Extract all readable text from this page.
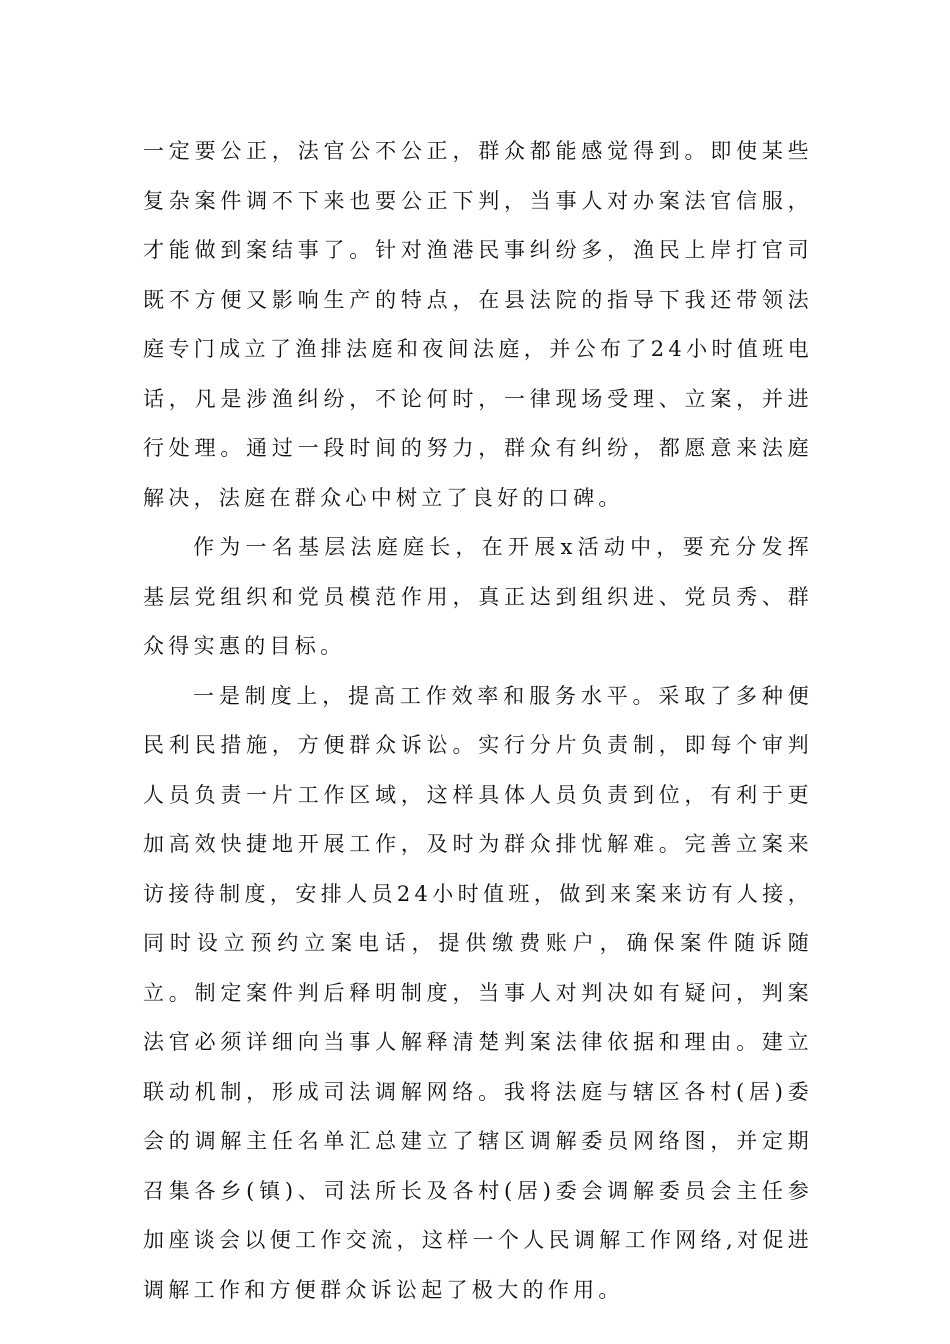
一定要公正，法官公不公正，群众都能感觉得到。即使某些复杂案件调不下来也要公正下判，当事人对办案法官信服，才能做到案结事了。针对渔港民事纠纷多，渔民上岸打官司既不方便又影响生产的特点，在县法院的指导下我还带领法庭专门成立了渔排法庭和夜间法庭，并公布了24小时值班电话，凡是涉渔纠纷，不论何时，一律现场受理、立案，并进行处理。通过一段时间的努力，群众有纠纷，都愿意来法庭解决，法庭在群众心中树立了良好的口碑。

作为一名基层法庭庭长，在开展x活动中，要充分发挥基层党组织和党员模范作用，真正达到组织进、党员秀、群众得实惠的目标。

一是制度上，提高工作效率和服务水平。采取了多种便民利民措施，方便群众诉讼。实行分片负责制，即每个审判人员负责一片工作区域，这样具体人员负责到位，有利于更加高效快捷地开展工作，及时为群众排忧解难。完善立案来访接待制度，安排人员24小时值班，做到来案来访有人接，同时设立预约立案电话，提供缴费账户，确保案件随诉随立。制定案件判后释明制度，当事人对判决如有疑问，判案法官必须详细向当事人解释清楚判案法律依据和理由。建立联动机制，形成司法调解网络。我将法庭与辖区各村(居)委会的调解主任名单汇总建立了辖区调解委员网络图，并定期召集各乡(镇)、司法所长及各村(居)委会调解委员会主任参加座谈会以便工作交流，这样一个人民调解工作网络,对促进调解工作和方便群众诉讼起了极大的作用。
